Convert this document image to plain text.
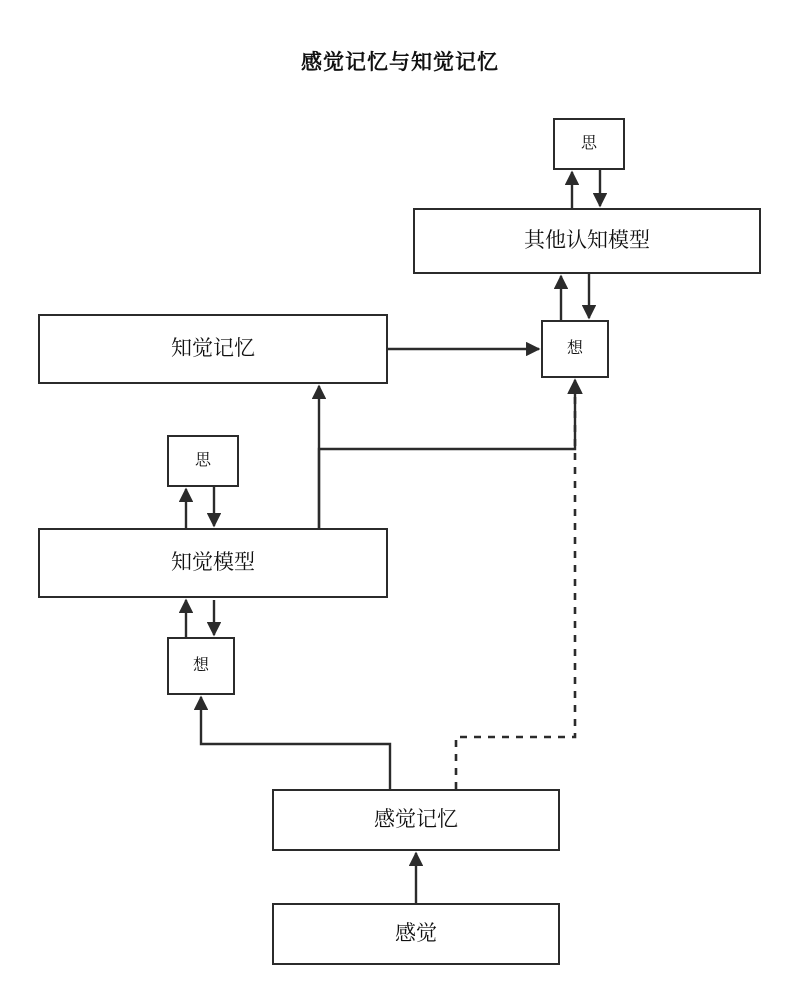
感觉记忆与知觉记忆
思
其他认知模型
想
知觉记忆
思
知觉模型
想
感觉记忆
感觉
